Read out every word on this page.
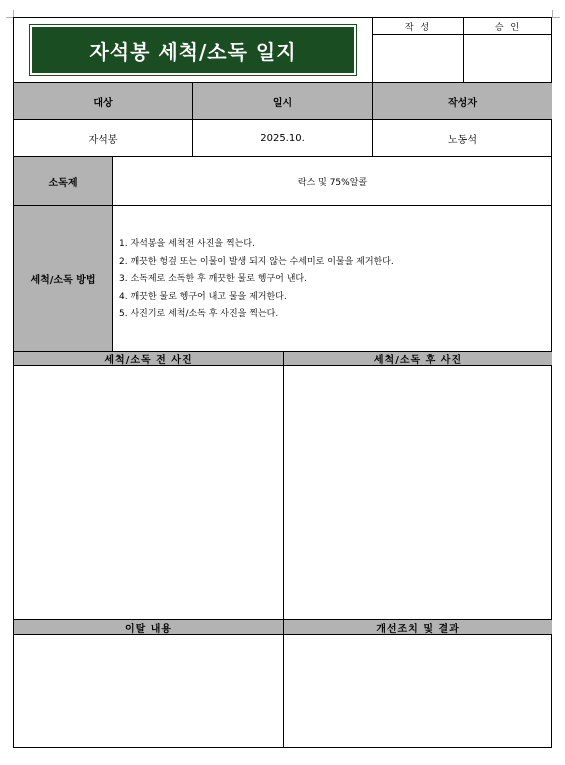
자석봉 세척/소독 일지
작 성	승 인
대상	일시	작성자
자석봉	2025.10.	노동석
소독제	락스 및 75%알콜
세척/소독 방법
1. 자석봉을 세척전 사진을 찍는다.
2. 깨끗한 헝겊 또는 이물이 발생 되지 않는 수세미로 이물을 제거한다.
3. 소독제로 소독한 후 깨끗한 물로 헹구어 낸다.
4. 깨끗한 물로 헹구어 내고 물을 제거한다.
5. 사진기로 세척/소독 후 사진을 찍는다.
세척/소독 전 사진	세척/소독 후 사진
이탈 내용	개선조치 및 결과
